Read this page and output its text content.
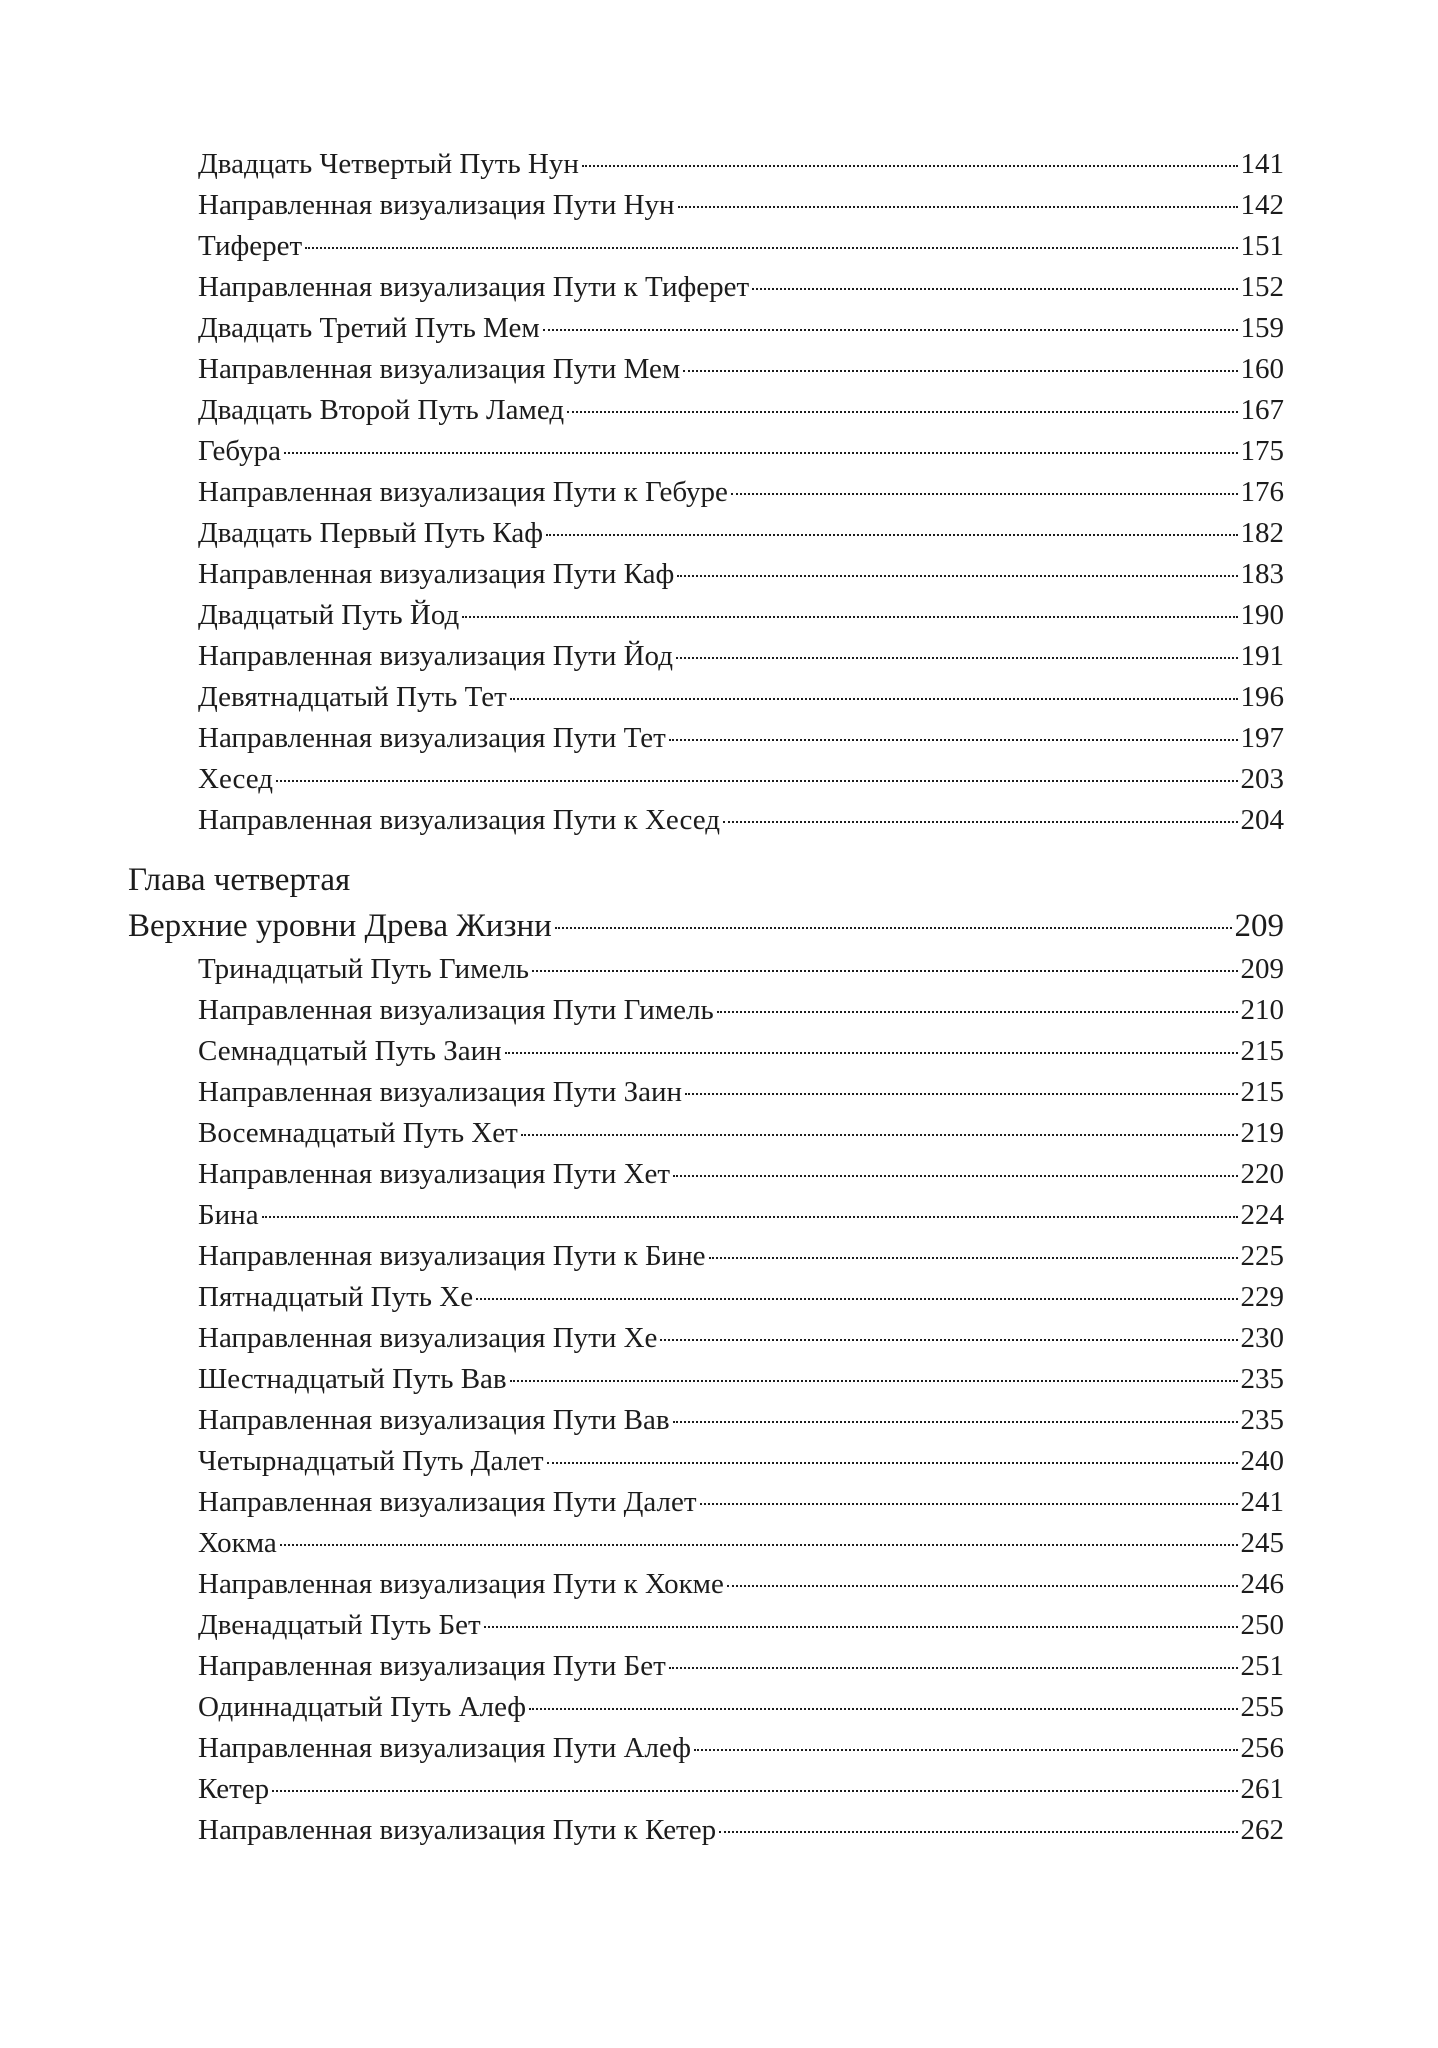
Двадцать Четвертый Путь Нун	141
Направленная визуализация Пути Нун	142
Тиферет	151
Направленная визуализация Пути к Тиферет	152
Двадцать Третий Путь Мем	159
Направленная визуализация Пути Мем	160
Двадцать Второй Путь Ламед	167
Гебура	175
Направленная визуализация Пути к Гебуре	176
Двадцать Первый Путь Каф	182
Направленная визуализация Пути Каф	183
Двадцатый Путь Йод	190
Направленная визуализация Пути Йод	191
Девятнадцатый Путь Тет	196
Направленная визуализация Пути Тет	197
Хесед	203
Направленная визуализация Пути к Хесед	204
Глава четвертая
Верхние уровни Древа Жизни	209
Тринадцатый Путь Гимель	209
Направленная визуализация Пути Гимель	210
Семнадцатый Путь Заин	215
Направленная визуализация Пути Заин	215
Восемнадцатый Путь Хет	219
Направленная визуализация Пути Хет	220
Бина	224
Направленная визуализация Пути к Бине	225
Пятнадцатый Путь Хе	229
Направленная визуализация Пути Хе	230
Шестнадцатый Путь Вав	235
Направленная визуализация Пути Вав	235
Четырнадцатый Путь Далет	240
Направленная визуализация Пути Далет	241
Хокма	245
Направленная визуализация Пути к Хокме	246
Двенадцатый Путь Бет	250
Направленная визуализация Пути Бет	251
Одиннадцатый Путь Алеф	255
Направленная визуализация Пути Алеф	256
Кетер	261
Направленная визуализация Пути к Кетер	262
